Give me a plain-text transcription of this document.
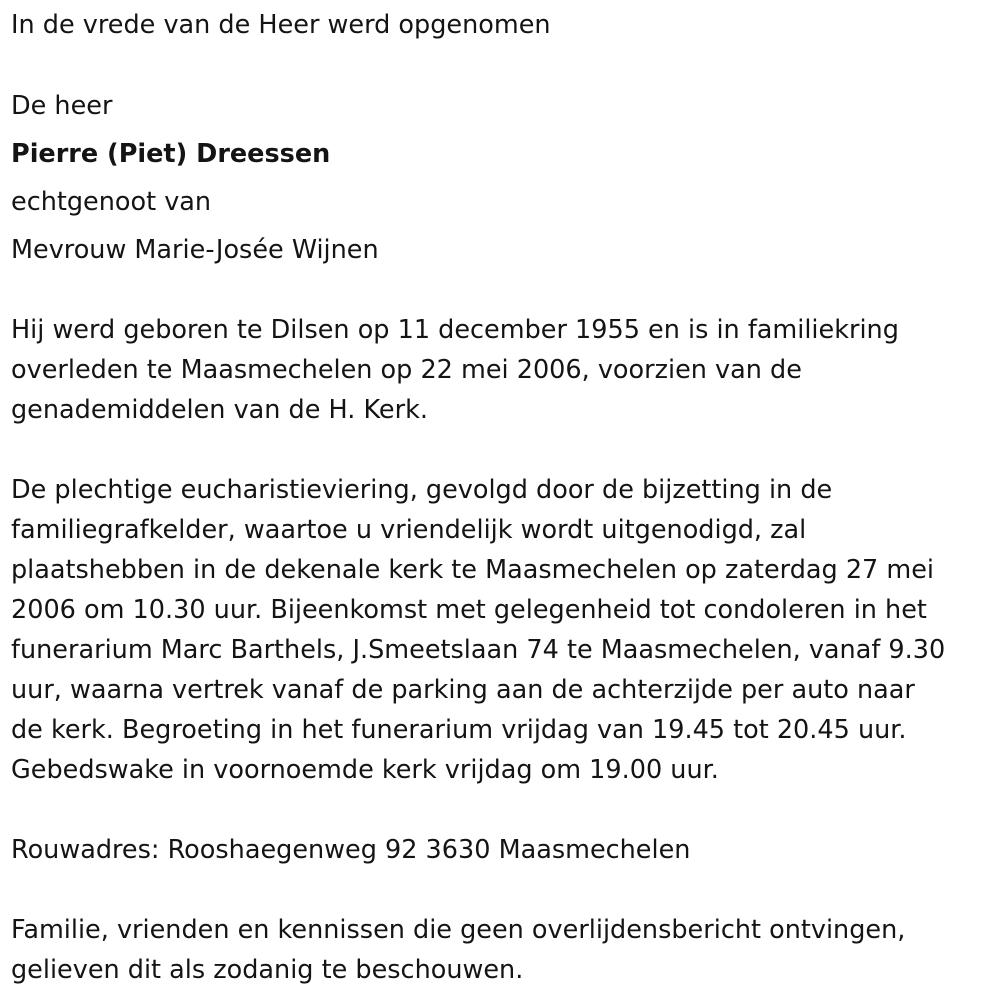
In de vrede van de Heer werd opgenomen
De heer
Pierre (Piet) Dreessen
echtgenoot van
Mevrouw Marie-Josée Wijnen
Hij werd geboren te Dilsen op 11 december 1955 en is in familiekring
overleden te Maasmechelen op 22 mei 2006, voorzien van de
genademiddelen van de H. Kerk.
De plechtige eucharistieviering, gevolgd door de bijzetting in de
familiegrafkelder, waartoe u vriendelijk wordt uitgenodigd, zal
plaatshebben in de dekenale kerk te Maasmechelen op zaterdag 27 mei
2006 om 10.30 uur. Bijeenkomst met gelegenheid tot condoleren in het
funerarium Marc Barthels, J.Smeetslaan 74 te Maasmechelen, vanaf 9.30
uur, waarna vertrek vanaf de parking aan de achterzijde per auto naar
de kerk. Begroeting in het funerarium vrijdag van 19.45 tot 20.45 uur.
Gebedswake in voornoemde kerk vrijdag om 19.00 uur.
Rouwadres: Rooshaegenweg 92 3630 Maasmechelen
Familie, vrienden en kennissen die geen overlijdensbericht ontvingen,
gelieven dit als zodanig te beschouwen.
